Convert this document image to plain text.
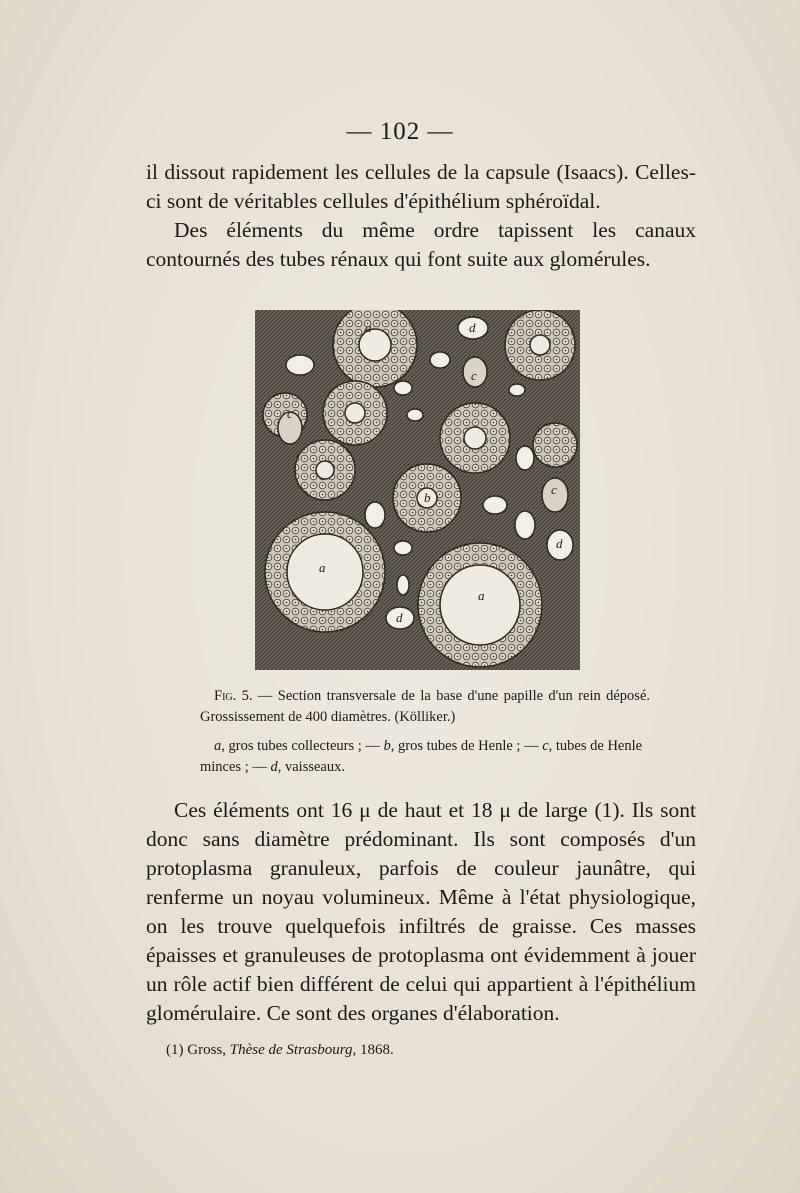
— 102 —

il dissout rapidement les cellules de la capsule (Isaacs). Celles-ci sont de véritables cellules d'épithélium sphéroïdal.

Des éléments du même ordre tapissent les canaux contournés des tubes rénaux qui font suite aux glomérules.

a
a
a
b
c
c
c
d
d
d
Fig. 5. — Section transversale de la base d'une papille d'un rein déposé. Grossissement de 400 diamètres. (Kölliker.)
a, gros tubes collecteurs ; — b, gros tubes de Henle ; — c, tubes de Henle minces ; — d, vaisseaux.

Ces éléments ont 16 μ de haut et 18 μ de large (1). Ils sont donc sans diamètre prédominant. Ils sont composés d'un protoplasma granuleux, parfois de couleur jaunâtre, qui renferme un noyau volumineux. Même à l'état physiologique, on les trouve quelquefois infiltrés de graisse. Ces masses épaisses et granuleuses de protoplasma ont évidemment à jouer un rôle actif bien différent de celui qui appartient à l'épithélium glomérulaire. Ce sont des organes d'élaboration.

(1) Gross, Thèse de Strasbourg, 1868.
